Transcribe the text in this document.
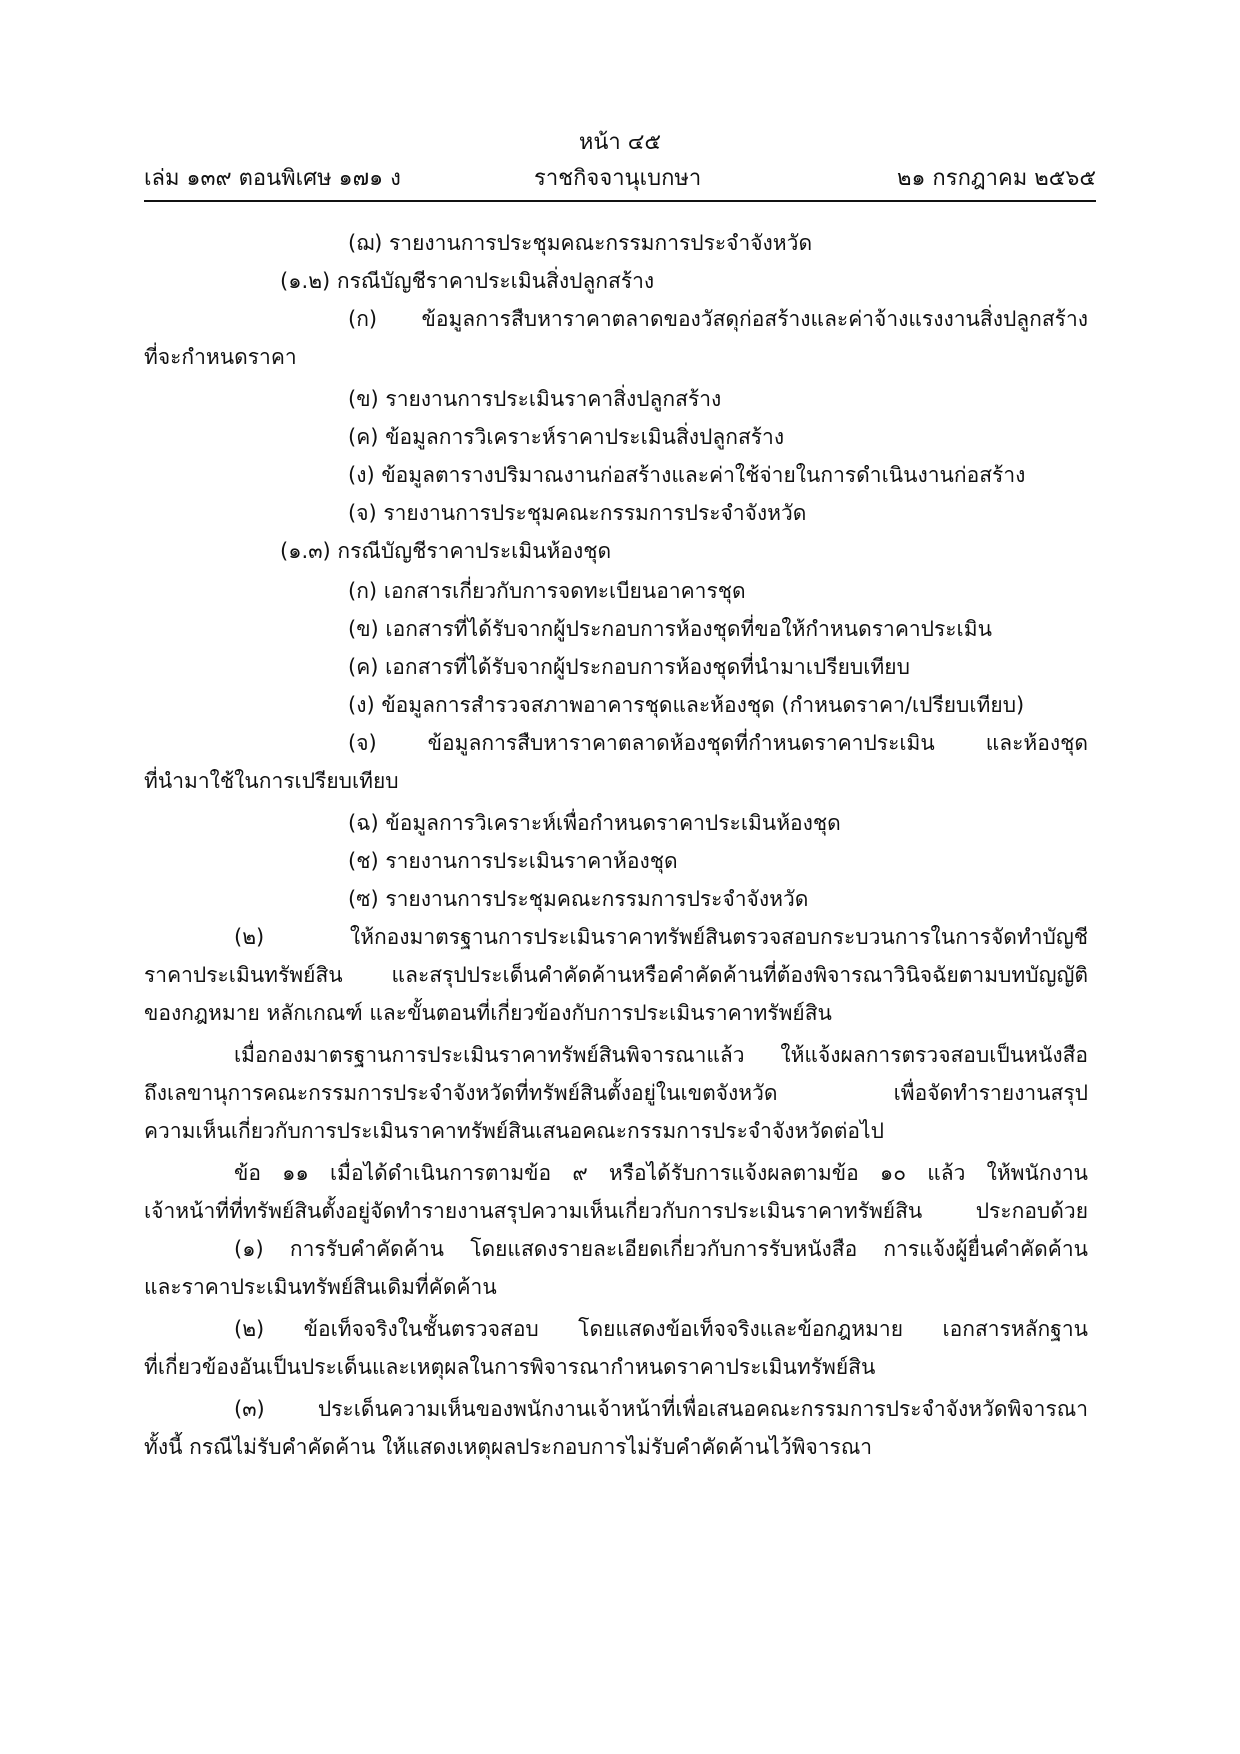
หน้า ๔๕
เล่ม ๑๓๙ ตอนพิเศษ ๑๗๑ ง	ราชกิจจานุเบกษา	๒๑ กรกฎาคม ๒๕๖๕
(ฌ) รายงานการประชุมคณะกรรมการประจำจังหวัด
(๑.๒) กรณีบัญชีราคาประเมินสิ่งปลูกสร้าง
(ก) ข้อมูลการสืบหาราคาตลาดของวัสดุก่อสร้างและค่าจ้างแรงงานสิ่งปลูกสร้าง
ที่จะกำหนดราคา
(ข) รายงานการประเมินราคาสิ่งปลูกสร้าง
(ค) ข้อมูลการวิเคราะห์ราคาประเมินสิ่งปลูกสร้าง
(ง) ข้อมูลตารางปริมาณงานก่อสร้างและค่าใช้จ่ายในการดำเนินงานก่อสร้าง
(จ) รายงานการประชุมคณะกรรมการประจำจังหวัด
(๑.๓) กรณีบัญชีราคาประเมินห้องชุด
(ก) เอกสารเกี่ยวกับการจดทะเบียนอาคารชุด
(ข) เอกสารที่ได้รับจากผู้ประกอบการห้องชุดที่ขอให้กำหนดราคาประเมิน
(ค) เอกสารที่ได้รับจากผู้ประกอบการห้องชุดที่นำมาเปรียบเทียบ
(ง) ข้อมูลการสำรวจสภาพอาคารชุดและห้องชุด (กำหนดราคา/เปรียบเทียบ)
(จ) ข้อมูลการสืบหาราคาตลาดห้องชุดที่กำหนดราคาประเมิน และห้องชุด
ที่นำมาใช้ในการเปรียบเทียบ
(ฉ) ข้อมูลการวิเคราะห์เพื่อกำหนดราคาประเมินห้องชุด
(ช) รายงานการประเมินราคาห้องชุด
(ซ) รายงานการประชุมคณะกรรมการประจำจังหวัด
(๒) ให้กองมาตรฐานการประเมินราคาทรัพย์สินตรวจสอบกระบวนการในการจัดทำบัญชี
ราคาประเมินทรัพย์สิน และสรุปประเด็นคำคัดค้านหรือคำคัดค้านที่ต้องพิจารณาวินิจฉัยตามบทบัญญัติ
ของกฎหมาย หลักเกณฑ์ และขั้นตอนที่เกี่ยวข้องกับการประเมินราคาทรัพย์สิน
เมื่อกองมาตรฐานการประเมินราคาทรัพย์สินพิจารณาแล้ว ให้แจ้งผลการตรวจสอบเป็นหนังสือ
ถึงเลขานุการคณะกรรมการประจำจังหวัดที่ทรัพย์สินตั้งอยู่ในเขตจังหวัด เพื่อจัดทำรายงานสรุป
ความเห็นเกี่ยวกับการประเมินราคาทรัพย์สินเสนอคณะกรรมการประจำจังหวัดต่อไป
ข้อ ๑๑ เมื่อได้ดำเนินการตามข้อ ๙ หรือได้รับการแจ้งผลตามข้อ ๑๐ แล้ว ให้พนักงาน
เจ้าหน้าที่ที่ทรัพย์สินตั้งอยู่จัดทำรายงานสรุปความเห็นเกี่ยวกับการประเมินราคาทรัพย์สิน ประกอบด้วย
(๑) การรับคำคัดค้าน โดยแสดงรายละเอียดเกี่ยวกับการรับหนังสือ การแจ้งผู้ยื่นคำคัดค้าน
และราคาประเมินทรัพย์สินเดิมที่คัดค้าน
(๒) ข้อเท็จจริงในชั้นตรวจสอบ โดยแสดงข้อเท็จจริงและข้อกฎหมาย เอกสารหลักฐาน
ที่เกี่ยวข้องอันเป็นประเด็นและเหตุผลในการพิจารณากำหนดราคาประเมินทรัพย์สิน
(๓) ประเด็นความเห็นของพนักงานเจ้าหน้าที่เพื่อเสนอคณะกรรมการประจำจังหวัดพิจารณา
ทั้งนี้ กรณีไม่รับคำคัดค้าน ให้แสดงเหตุผลประกอบการไม่รับคำคัดค้านไว้พิจารณา
